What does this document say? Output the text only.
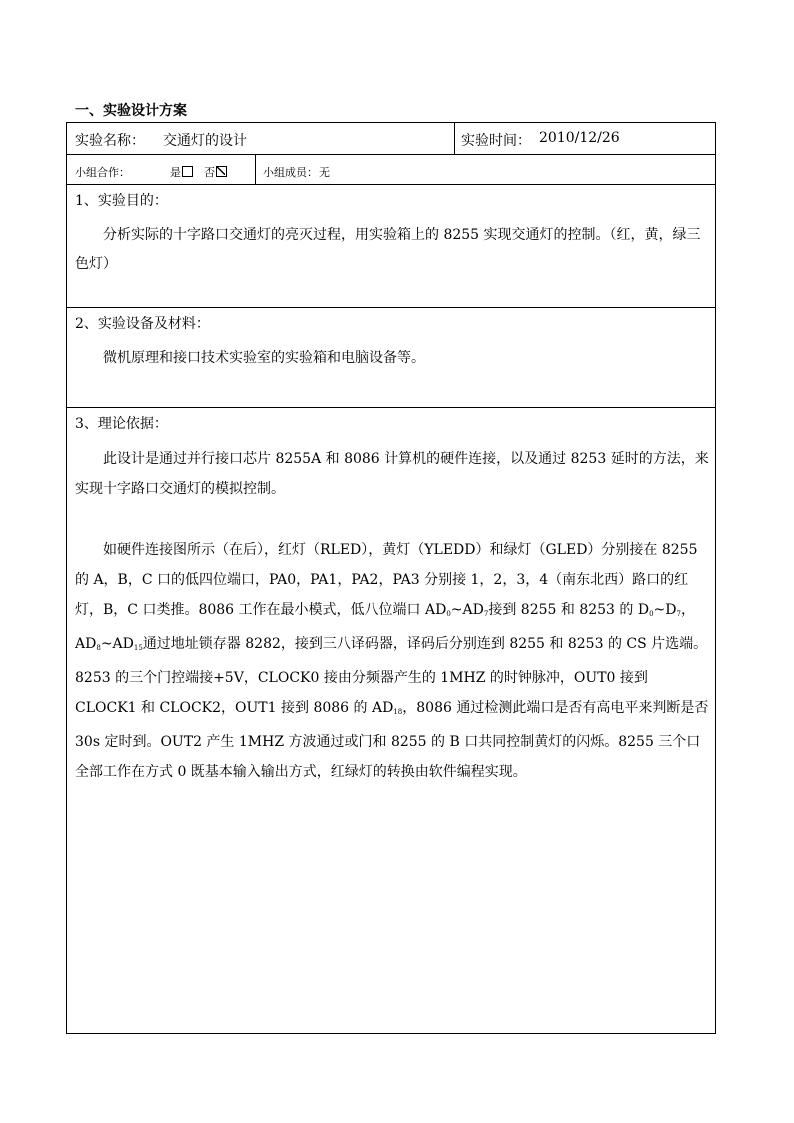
一、实验设计方案
实验名称： 交通灯的设计	实验时间： 2010/12/26
小组合作：	是	否	小组成员： 无
1、实验目的：
分析实际的十字路口交通灯的亮灭过程，用实验箱上的 8255 实现交通灯的控制。（红，黄，绿三色灯）
2、实验设备及材料：
微机原理和接口技术实验室的实验箱和电脑设备等。
3、理论依据：
此设计是通过并行接口芯片 8255A 和 8086 计算机的硬件连接，以及通过 8253 延时的方法，来实现十字路口交通灯的模拟控制。
如硬件连接图所示（在后），红灯（RLED），黄灯（YLEDD）和绿灯（GLED）分别接在 8255 的 A，B，C 口的低四位端口，PA0，PA1，PA2，PA3 分别接 1，2，3，4（南东北西）路口的红灯，B，C 口类推。8086 工作在最小模式，低八位端口 $AD_0\sim AD_7$接到 8255 和 8253 的 $D_0\sim D_7$，$AD_8\sim AD_{15}$通过地址锁存器 8282，接到三八译码器，译码后分别连到 8255 和 8253 的 CS 片选端。8253 的三个门控端接+5V，CLOCK0 接由分频器产生的 1MHZ 的时钟脉冲，OUT0 接到 CLOCK1 和 CLOCK2，OUT1 接到 8086 的 $AD_{18}$，8086 通过检测此端口是否有高电平来判断是否 30s 定时到。OUT2 产生 1MHZ 方波通过或门和 8255 的 B 口共同控制黄灯的闪烁。8255 三个口全部工作在方式 0 既基本输入输出方式，红绿灯的转换由软件编程实现。
